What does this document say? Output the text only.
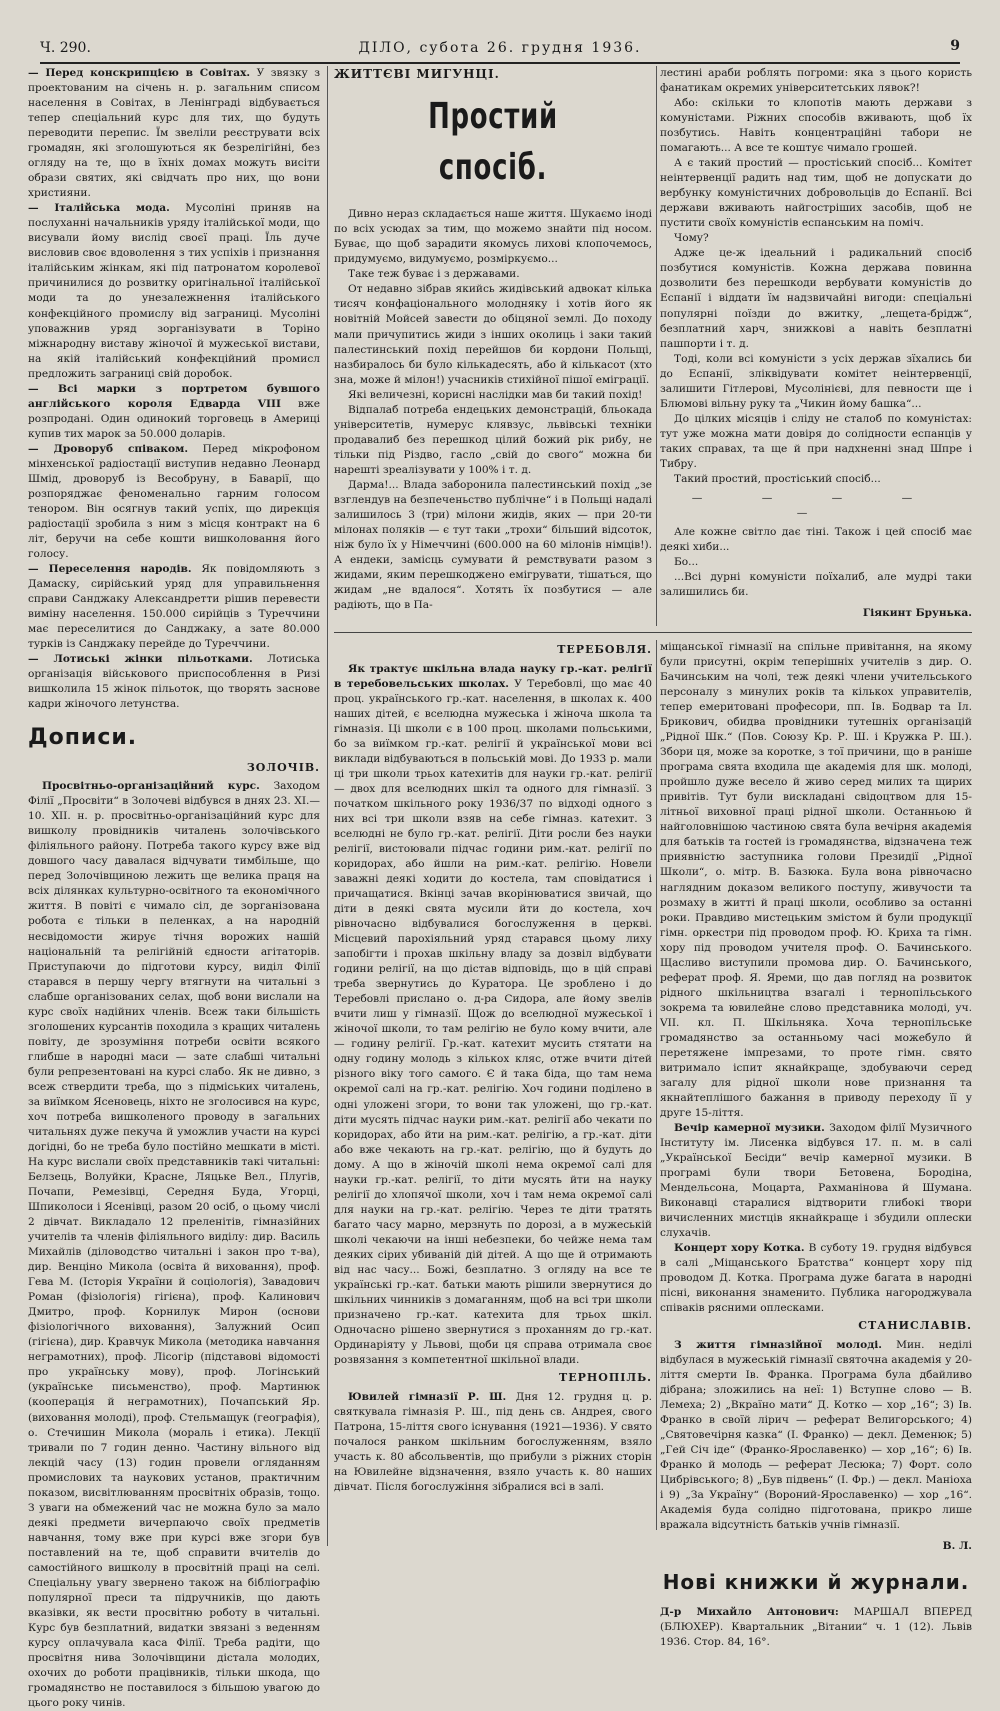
Ч. 290.	ДІЛО, субота 26. грудня 1936.	9

— Перед конскрипцією в Совітах. У звязку з проектованим на січень н. р. загальним списом населення в Совітах, в Ленінграді відбувається тепер спеціальний курс для тих, що будуть переводити перепис. Їм звеліли реєструвати всіх громадян, які зголошуються як безрелігійні, без огляду на те, що в їхніх домах можуть висіти образи святих, які свідчать про них, що вони християни.

— Італійська мода. Мусоліні приняв на послуханні начальників уряду італійської моди, що висували йому вислід своєї праці. Їль дуче висловив своє вдоволення з тих успіхів і признання італійським жінкам, які під патронатом королевої причинилися до розвитку оригінальної італійської моди та до унезалежнення італійського конфекційного промислу від заграниці. Мусоліні уповажнив уряд зорганізувати в Торіно міжнародну виставу жіночої й мужеської вистави, на якій італійський конфекційний промисл предложить заграниці свій доробок.

— Всі марки з портретом бувшого англійського короля Едварда VIII вже розпродані. Один одинокий торговець в Америці купив тих марок за 50.000 доларів.

— Дроворуб співаком. Перед мікрофоном мінхенської радіостації виступив недавно Леонард Шмід, дроворуб із Весобруну, в Баварії, що розпоряджає феноменально гарним голосом тенором. Він осягнув такий успіх, що дирекція радіостації зробила з ним з місця контракт на 6 літ, беручи на себе кошти вишколовання його голосу.

— Переселення народів. Як повідомляють з Дамаску, сирійський уряд для управильнення справи Санджаку Александретти рішив перевести виміну населення. 150.000 сирійців з Туреччини має переселитися до Санджаку, а зате 80.000 турків із Санджаку перейде до Туреччини.

— Лотиські жінки пільотками. Лотиська організація військового приспособлення в Ризі вишколила 15 жінок пільоток, що творять заснове кадри жіночого летунства.

Дописи.
ЗОЛОЧІВ.

Просвітньо-організаційний курс. Заходом Філії „Просвіти“ в Золочеві відбувся в днях 23. XI.—10. XII. н. р. просвітньо-організаційний курс для вишколу провідників читалень золочівського філіяльного району. Потреба такого курсу вже від довшого часу давалася відчувати тимбільше, що перед Золочівщиною лежить ще велика праця на всіх ділянках культурно-освітного та економічного життя. В повіті є чимало сіл, де зорганізована робота є тільки в пеленках, а на народній несвідомости жирує тічня ворожих нашій національній та релігійній єдности агітаторів. Приступаючи до підготови курсу, виділ Філії старався в першу чергу втягнути на читальні з слабше організованих селах, щоб вони вислали на курс своїх надійних членів. Всеж таки більшість зголошених курсантів походила з кращих читалень повіту, де зрозуміння потреби освіти всякого глибше в народні маси — зате слабші читальні були репрезентовані на курсі слабо. Як не дивно, з всеж ствердити треба, що з підміських читалень, за виїмком Ясеновець, ніхто не зголосився на курс, хоч потреба вишколеного проводу в загальних читальнях дуже пекуча й уможлив участи на курсі догідні, бо не треба було постійно мешкати в місті. На курс вислали своїх представників такі читальні: Белзець, Волуйки, Красне, Ляцьке Вел., Плугів, Почапи, Ремезівці, Середня Буда, Угорці, Шпиколоси і Ясенівці, разом 20 осіб, о цьому числі 2 дівчат. Викладало 12 преленітів, гімназійних учителів та членів філіяльного виділу: дир. Василь Михайлів (діловодство читальні і закон про т-ва), дир. Венціно Микола (освіта й виховання), проф. Гева М. (Історія України й соціологія), Завадович Роман (фізіологія) гігієна), проф. Калинович Дмитро, проф. Корнилук Мирон (основи фізіологічного виховання), Залужний Осип (гігієна), дир. Кравчук Микола (методика навчання неграмотних), проф. Лісогір (підставові відомості про українську мову), проф. Логінський (українське письменство), проф. Мартинюк (кооперація й неграмотних), Почапський Яр. (виховання молоді), проф. Стельмащук (географія), о. Стечишин Микола (мораль і етика). Лекції тривали по 7 годин денно. Частину вільного від лекцій часу (13) годин провели огляданням промислових та наукових установ, практичним показом, висвітлюванням просвітніх образів, тощо. З уваги на обмежений час не можна було за мало деякі предмети вичерпаючо своїх предметів навчання, тому вже при курсі вже згори був поставлений на те, щоб справити вчителів до самостійного вишколу в просвітній праці на селі. Спеціальну увагу звернено також на бібліографію популярної преси та підручників, що дають вказівки, як вести просвітню роботу в читальні. Курс був безплатний, видатки звязані з веденням курсу оплачувала каса Філії. Треба радіти, що просвітня нива Золочівщини дістала молодих, охочих до роботи працівників, тільки шкода, що громадянство не поставилося з більшою увагою до цього року чинів.

ЖИТТЄВІ МИГУНЦІ.
Простий спосіб.

Дивно нераз складається наше життя. Шукаємо іноді по всіх усюдах за тим, що можемо знайти під носом. Буває, що щоб зарадити якомусь лихові клопочемось, придумуємо, видумуємо, розміркуємо...

Таке теж буває і з державами.

От недавно зібрав якийсь жидівський адвокат кілька тисяч конфаціонального молодняку і хотів його як новітній Мойсей завести до обіцяної землі. До походу мали причупитись жиди з інших околиць і заки такий палестинський похід перейшов би кордони Польщі, назбиралось би було кількадесять, або й кількасот (хто зна, може й мілон!) учасників стихійної пішої еміграції.

Які величезні, корисні наслідки мав би такий похід!

Відпалаб потреба ендецьких демонстрацій, бльокада університетів, нумерус клявзус, львівські техніки продавалиб без перешкод цілий божий рік рибу, не тільки під Різдво, гасло „свій до свого“ можна би нарешті зреалізувати у 100% і т. д.

Дарма!... Влада заборонила палестинський похід „зе взглендув на безпеченьство публічне“ і в Польщі надалі залишилось 3 (три) мілони жидів, яких — при 20-ти мілонах поляків — є тут таки „трохи“ більший відсоток, ніж було їх у Німеччині (600.000 на 60 мілонів німців!). А ендеки, замісць сумувати й ремствувати разом з жидами, яким перешкоджено емігрувати, тішаться, що жидам „не вдалося“. Хотять їх позбутися — але радіють, що в Па-

лестині араби роблять погроми: яка з цього користь фанатикам окремих університетських лявок?!

Або: скільки то клопотів мають держави з комуністами. Ріжних способів вживають, щоб їх позбутись. Навіть концентраційні табори не помагають... А все те коштує чимало грошей.

А є такий простий — простіський спосіб... Комітет неінтервенції радить над тим, щоб не допускати до вербунку комуністичних добровольців до Еспанії. Всі держави вживають найгостріших засобів, щоб не пустити своїх комуністів еспанським на поміч.

Чому?

Адже це-ж ідеальний і радикальний спосіб позбутися комуністів. Кожна держава повинна дозволити без перешкоди вербувати комуністів до Еспанії і віддати їм надзвичайні вигоди: спеціальні популярні поїзди до вжитку, „лещета-брідж“, безплатний харч, знижкові а навіть безплатні пашпорти і т. д.

Тоді, коли всі комуністи з усіх держав зїхались би до Еспанії, зліквідувати комітет неінтервенції, залишити Гітлерові, Мусолінієві, для певности ще і Блюмові вільну руку та „Чикин йому башка“...

До цілких місяців і сліду не сталоб по комуністах: тут уже можна мати довіря до солідности еспанців у таких справах, та ще й при надхненні знад Шпре і Тибру.

Такий простий, простіський спосіб...

— — — — —

Але кожне світло дає тіні. Також і цей спосіб має деякі хиби...

Бо...

...Всі дурні комуністи поїхалиб, але мудрі таки залишились би.

Гіякинт Брунька.
ТЕРЕБОВЛЯ.

Як трактує шкільна влада науку гр.-кат. релігії в теребовельських школах. У Теребовлі, що має 40 проц. українського гр.-кат. населення, в школах к. 400 наших дітей, є вселюдна мужеська і жіноча школа та гімназія. Ці школи є в 100 проц. школами польськими, бо за виїмком гр.-кат. релігії й української мови всі виклади відбуваються в польській мові. До 1933 р. мали ці три школи трьох катехитів для науки гр.-кат. релігії — двох для вселюдних шкіл та одного для гімназії. З початком шкільного року 1936/37 по відході одного з них всі три школи взяв на себе гімназ. катехит. З вселюдні не було гр.-кат. релігії. Діти росли без науки релігії, вистоювали підчас години рим.-кат. релігії по коридорах, або йшли на рим.-кат. релігію. Новели заважні деякі ходити до костела, там сповідатися і причащатися. Вкінці зачав вкорінюватися звичай, що діти в деякі свята мусили йти до костела, хоч рівночасно відбувалися богослуження в церкві. Місцевий парохіяльний уряд старався цьому лиху запобігти і прохав шкільну владу за дозвіл відбувати години релігії, на що дістав відповідь, що в цій справі треба звернутись до Куратора. Це зроблено і до Теребовлі прислано о. д-ра Сидора, але йому звелів вчити лиш у гімназії. Щож до вселюдної мужеської і жіночої школи, то там релігію не було кому вчити, але — годину релігії. Гр.-кат. катехит мусить стятати на одну годину молодь з кількох кляс, отже вчити дітей різного віку того самого. Є й така біда, що там нема окремої салі на гр.-кат. релігію. Хоч години поділено в одні уложені згори, то вони так уложені, що гр.-кат. діти мусять підчас науки рим.-кат. релігії або чекати по коридорах, або йти на рим.-кат. релігію, а гр.-кат. діти або вже чекають на гр.-кат. релігію, що й будуть до дому. А що в жіночій школі нема окремої салі для науки гр.-кат. релігії, то діти мусять йти на науку релігії до хлопячої школи, хоч і там нема окремої салі для науки на гр.-кат. релігію. Через те діти тратять багато часу марно, мерзнуть по дорозі, а в мужеській школі чекаючи на інші небезпеки, бо чейже нема там деяких сірих убиваній дій дітей. А що ще й отримають від нас часу... Божі, безплатно. З огляду на все те українські гр.-кат. батьки мають рішили звернутися до шкільних чинників з домаганням, щоб на всі три школи призначено гр.-кат. катехита для трьох шкіл. Одночасно рішено звернутися з проханням до гр.-кат. Ординаріяту у Львові, щоби ця справа отримала своє розвязання з компетентної шкільної влади.

ТЕРНОПІЛЬ.

Ювилей гімназії Р. Ш. Дня 12. грудня ц. р. святкувала гімназія Р. Ш., під день св. Андрея, свого Патрона, 15-ліття свого існування (1921—1936). У свято почалося ранком шкільним богослуженням, взяло участь к. 80 абсольвентів, що прибули з ріжних сторін на Ювилейне відзначення, взяло участь к. 80 наших дівчат. Після богослужіння зібралися всі в залі.

міщанської гімназії на спільне привітання, на якому були присутні, окрім теперішніх учителів з дир. О. Бачинським на чолі, теж деякі члени учительського персоналу з минулих років та кількох управителів, тепер емеритовані професори, пп. Ів. Бодвар та Іл. Брикович, обидва провідники тутешніх організацій „Рідної Шк.“ (Пов. Союзу Кр. Р. Ш. і Кружка Р. Ш.). Збори ця, може за коротке, з тої причини, що в раніше програма свята входила ще академія для шк. молоді, пройшло дуже весело й живо серед милих та щирих привітів. Тут були вискладані свідоцтвом для 15-літньої виховної праці рідної школи. Останньою й найголовнішою частиною свята була вечірня академія для батьків та гостей із громадянства, відзначена теж приявністю заступника голови Президії „Рідної Школи“, о. мітр. В. Базюка. Була вона рівночасно наглядним доказом великого поступу, живучости та розмаху в житті й праці школи, особливо за останні роки. Правдиво мистецьким змістом й були продукції гімн. оркестри під проводом проф. Ю. Криха та гімн. хору під проводом учителя проф. О. Бачинського. Щасливо виступили промова дир. О. Бачинського, реферат проф. Я. Яреми, що дав погляд на розвиток рідного шкільництва взагалі і тернопільського зокрема та ювилейне слово представника молоді, уч. VII. кл. П. Шкільняка. Хоча тернопільське громадянство за останньому часі можебуло й перетяжене імпрезами, то проте гімн. свято витримало іспит якнайкраще, здобуваючи серед загалу для рідної школи нове признання та якнайтеплішого бажання в приводу переходу її у друге 15-ліття.

Вечір камерної музики. Заходом філії Музичного Інституту ім. Лисенка відбувся 17. п. м. в салі „Української Бесіди“ вечір камерної музики. В програмі були твори Бетовена, Бородіна, Мендельсона, Моцарта, Рахманінова й Шумана. Виконавці старалися відтворити глибокі твори вичисленних мистців якнайкраще і збудили оплески слухачів.

Концерт хору Котка. В суботу 19. грудня відбувся в салі „Міщанського Братства“ концерт хору під проводом Д. Котка. Програма дуже багата в народні пісні, виконання знаменито. Публика нагороджувала співаків рясними оплесками.

СТАНИСЛАВІВ.

З життя гімназійної молоді. Мин. неділі відбулася в мужеській гімназії святочна академія у 20-ліття смерти Ів. Франка. Програма була дбайливо дібрана; зложились на неї: 1) Вступне слово — В. Лемеха; 2) „Вкраїно мати“ Д. Котко — хор „16“; 3) Ів. Франко в своїй лірич — реферат Велигорського; 4) „Святовечірня казка“ (І. Франко) — декл. Деменюк; 5) „Гей Січ іде“ (Франко-Ярославенко) — хор „16“; 6) Ів. Франко й молодь — реферат Лесюка; 7) Форт. соло Цибрівського; 8) „Був підвень“ (І. Фр.) — декл. Маніоха і 9) „За Україну“ (Вороний-Ярославенко) — хор „16“. Академія буда солідно підготована, прикро лише вражала відсутність батьків учнів гімназії.

В. Л.
Нові книжки й журнали.

Д-р Михайло Антонович: МАРШАЛ ВПЕРЕД (БЛЮХЕР). Квартальник „Вітании“ ч. 1 (12). Львів 1936. Стор. 84, 16°.
